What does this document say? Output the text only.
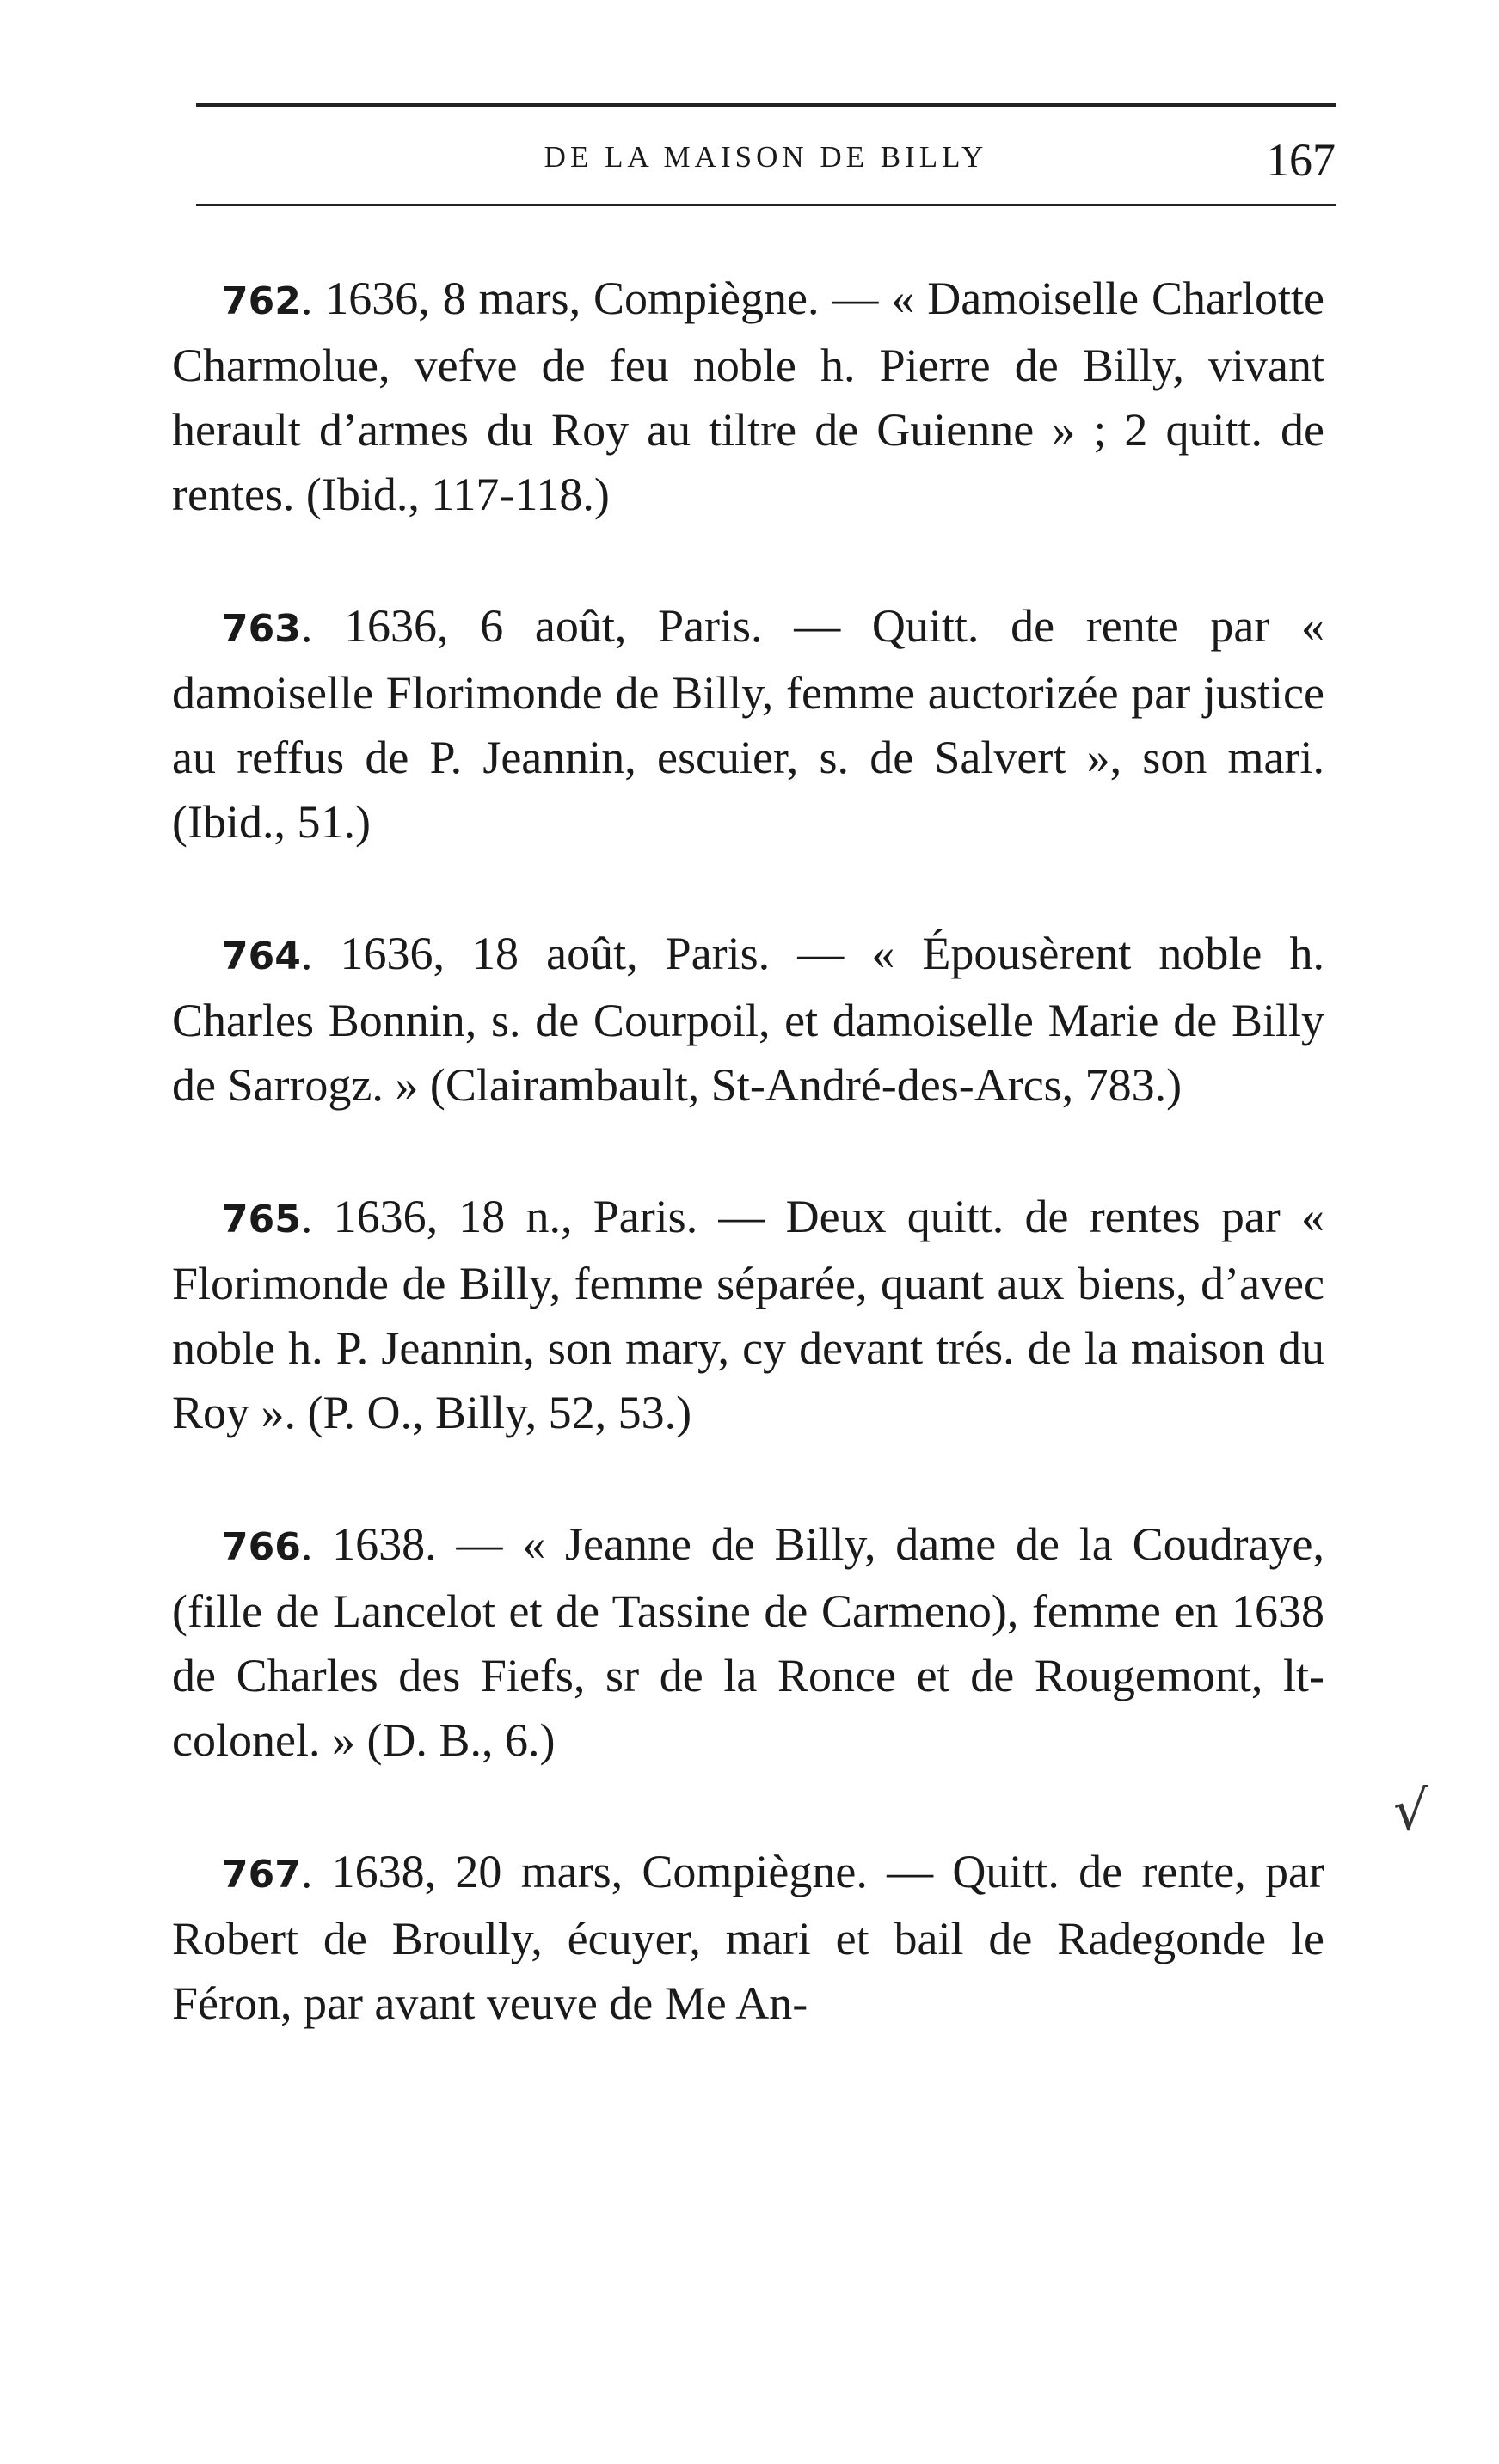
DE LA MAISON DE BILLY	167

762. 1636, 8 mars, Compiègne. — « Damoiselle Charlotte Charmolue, vefve de feu noble h. Pierre de Billy, vivant herault d’armes du Roy au tiltre de Guienne » ; 2 quitt. de rentes. (Ibid., 117-118.)

763. 1636, 6 août, Paris. — Quitt. de rente par « damoiselle Florimonde de Billy, femme auctorizée par justice au reffus de P. Jeannin, escuier, s. de Salvert », son mari. (Ibid., 51.)

764. 1636, 18 août, Paris. — « Épousèrent noble h. Charles Bonnin, s. de Courpoil, et damoiselle Marie de Billy de Sarrogz. » (Clairambault, St-André-des-Arcs, 783.)

765. 1636, 18 n., Paris. — Deux quitt. de rentes par « Florimonde de Billy, femme séparée, quant aux biens, d’avec noble h. P. Jeannin, son mary, cy devant trés. de la maison du Roy ». (P. O., Billy, 52, 53.)

766. 1638. — « Jeanne de Billy, dame de la Coudraye, (fille de Lancelot et de Tassine de Carmeno), femme en 1638 de Charles des Fiefs, sr de la Ronce et de Rougemont, lt-colonel. » (D. B., 6.)

767. 1638, 20 mars, Compiègne. — Quitt. de rente, par Robert de Broully, écuyer, mari et bail de Radegonde le Féron, par avant veuve de Me An-

√
